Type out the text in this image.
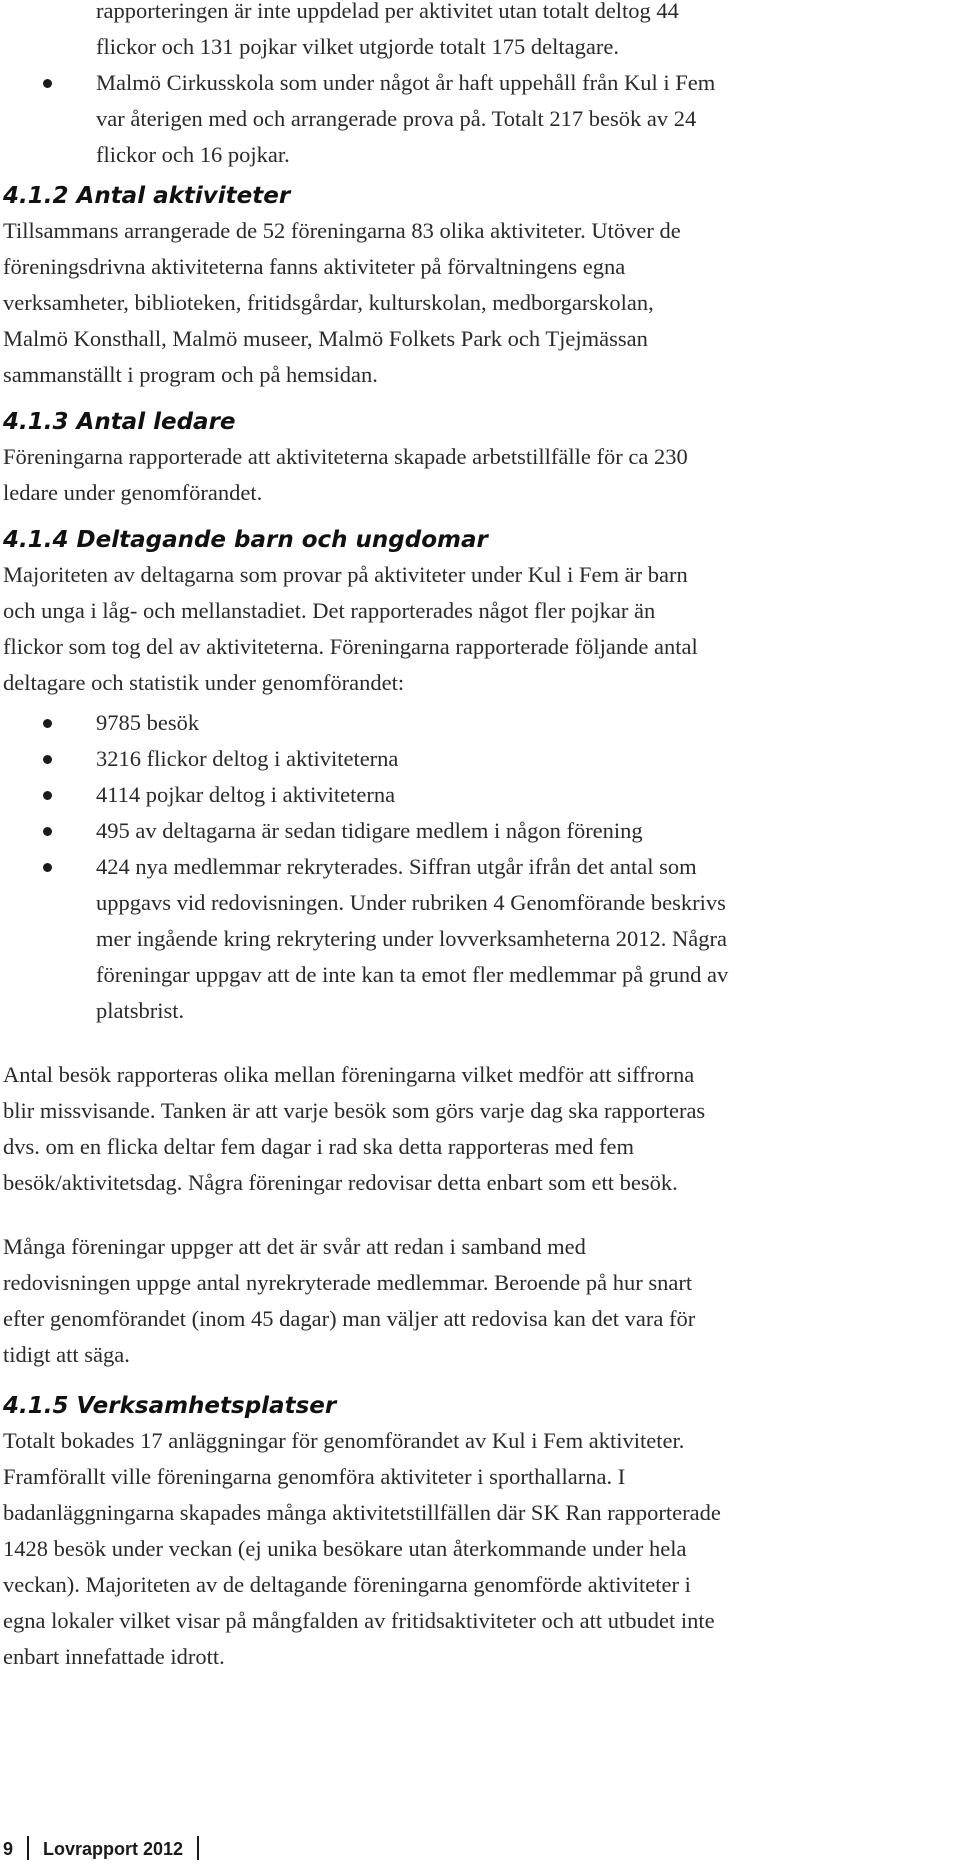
rapporteringen är inte uppdelad per aktivitet utan totalt deltog 44

flickor och 131 pojkar vilket utgjorde totalt 175 deltagare.

Malmö Cirkusskola som under något år haft uppehåll från Kul i Fem

var återigen med och arrangerade prova på. Totalt 217 besök av 24

flickor och 16 pojkar.

4.1.2 Antal aktiviteter

Tillsammans arrangerade de 52 föreningarna 83 olika aktiviteter. Utöver de

föreningsdrivna aktiviteterna fanns aktiviteter på förvaltningens egna

verksamheter, biblioteken, fritidsgårdar, kulturskolan, medborgarskolan,

Malmö Konsthall, Malmö museer, Malmö Folkets Park och Tjejmässan

sammanställt i program och på hemsidan.

4.1.3 Antal ledare

Föreningarna rapporterade att aktiviteterna skapade arbetstillfälle för ca 230

ledare under genomförandet.

4.1.4 Deltagande barn och ungdomar

Majoriteten av deltagarna som provar på aktiviteter under Kul i Fem är barn

och unga i låg- och mellanstadiet. Det rapporterades något fler pojkar än

flickor som tog del av aktiviteterna. Föreningarna rapporterade följande antal

deltagare och statistik under genomförandet:

9785 besök

3216 flickor deltog i aktiviteterna

4114 pojkar deltog i aktiviteterna

495 av deltagarna är sedan tidigare medlem i någon förening

424 nya medlemmar rekryterades. Siffran utgår ifrån det antal som

uppgavs vid redovisningen. Under rubriken 4 Genomförande beskrivs

mer ingående kring rekrytering under lovverksamheterna 2012. Några

föreningar uppgav att de inte kan ta emot fler medlemmar på grund av

platsbrist.

Antal besök rapporteras olika mellan föreningarna vilket medför att siffrorna

blir missvisande. Tanken är att varje besök som görs varje dag ska rapporteras

dvs. om en flicka deltar fem dagar i rad ska detta rapporteras med fem

besök/aktivitetsdag. Några föreningar redovisar detta enbart som ett besök.

Många föreningar uppger att det är svår att redan i samband med

redovisningen uppge antal nyrekryterade medlemmar. Beroende på hur snart

efter genomförandet (inom 45 dagar) man väljer att redovisa kan det vara för

tidigt att säga.

4.1.5 Verksamhetsplatser

Totalt bokades 17 anläggningar för genomförandet av Kul i Fem aktiviteter.

Framförallt ville föreningarna genomföra aktiviteter i sporthallarna. I

badanläggningarna skapades många aktivitetstillfällen där SK Ran rapporterade

1428 besök under veckan (ej unika besökare utan återkommande under hela

veckan). Majoriteten av de deltagande föreningarna genomförde aktiviteter i

egna lokaler vilket visar på mångfalden av fritidsaktiviteter och att utbudet inte

enbart innefattade idrott.

9 Lovrapport 2012
